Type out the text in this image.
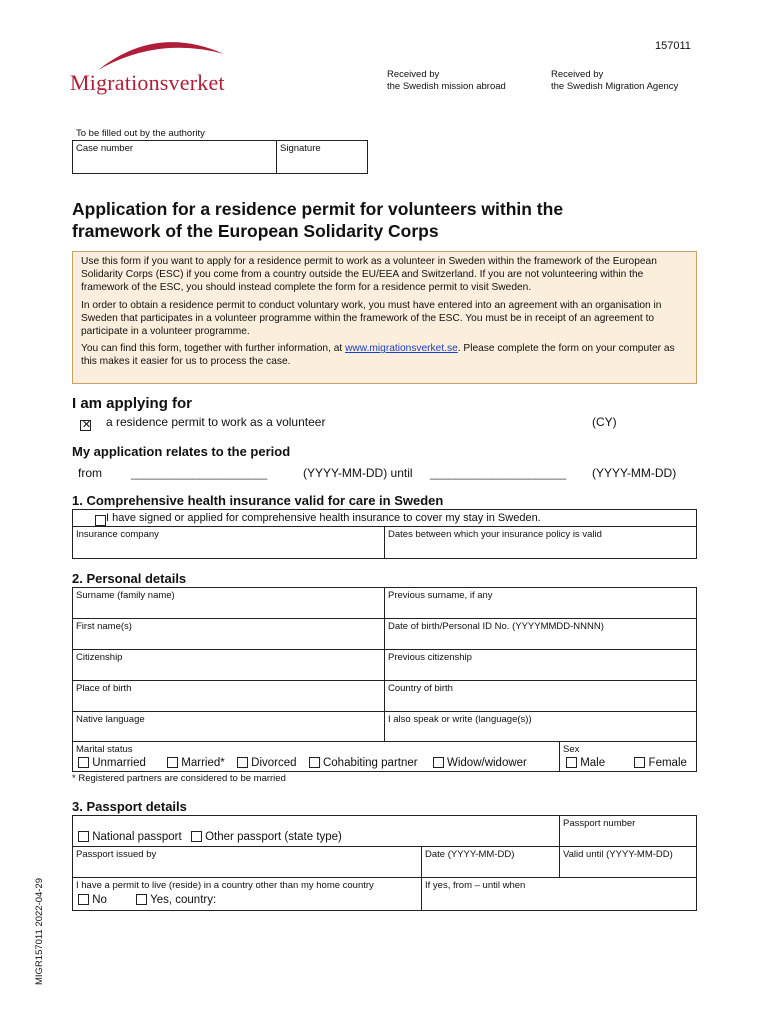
Migrationsverket
157011
Received by
the Swedish mission abroad
Received by
the Swedish Migration Agency
To be filled out by the authority
Case number	Signature
Application for a residence permit for volunteers within the
framework of the European Solidarity Corps

Use this form if you want to apply for a residence permit to work as a volunteer in Sweden within the framework of the European Solidarity Corps (ESC) if you come from a country outside the EU/EEA and Switzerland. If you are not volunteering within the framework of the ESC, you should instead complete the form for a residence permit to visit Sweden.

In order to obtain a residence permit to conduct voluntary work, you must have entered into an agreement with an organisation in Sweden that participates in a volunteer programme within the framework of the ESC. You must be in receipt of an agreement to participate in a volunteer programme.

You can find this form, together with further information, at www.migrationsverket.se. Please complete the form on your computer as this makes it easier for us to process the case.

I am applying for
✕
a residence permit to work as a volunteer	(CY)
My application relates to the period
from ______________________	(YYYY-MM-DD) until ______________________ (YYYY-MM-DD)
1. Comprehensive health insurance valid for care in Sweden
I have signed or applied for comprehensive health insurance to cover my stay in Sweden.
Insurance company	Dates between which your insurance policy is valid
2. Personal details
Surname (family name)	Previous surname, if any
First name(s)	Date of birth/Personal ID No. (YYYYMMDD-NNNN)
Citizenship	Previous citizenship
Place of birth	Country of birth
Native language	I also speak or write (language(s))
Marital status	Sex
Unmarried	Married* Divorced Cohabiting partner	Widow/widower	Male	Female
* Registered partners are considered to be married
3. Passport details
National passport Other passport (state type)
Passport number
Passport issued by	Date (YYYY-MM-DD)	Valid until (YYYY-MM-DD)
I have a permit to live (reside) in a country other than my home country	If yes, from – until when
No	Yes, country:
MIGR157011 2022-04-29
